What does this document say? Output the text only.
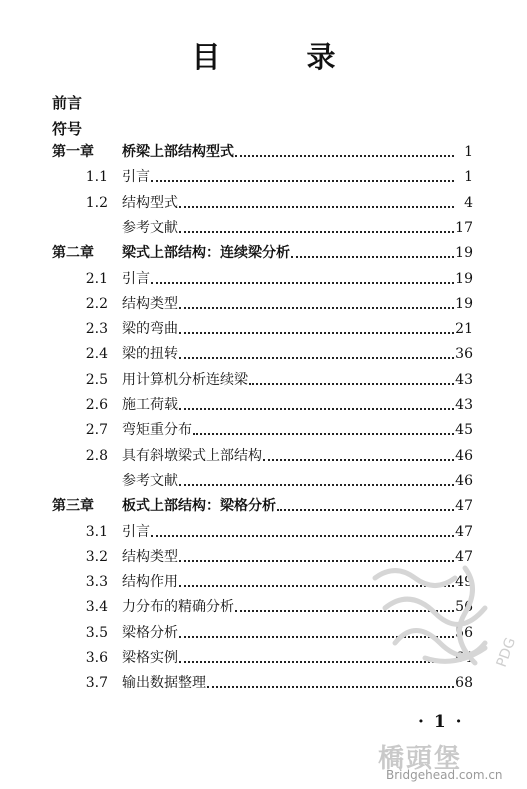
目 录
前言
符号
第一章	桥梁上部结构型式	1
1.1 引言	1
1.2 结构型式	4
参考文献	17
第二章	梁式上部结构：连续梁分析	19
2.1 引言	19
2.2 结构类型	19
2.3 梁的弯曲	21
2.4 梁的扭转	36
2.5 用计算机分析连续梁	43
2.6 施工荷载	43
2.7 弯矩重分布	45
2.8 具有斜墩梁式上部结构	46
参考文献	46
第三章	板式上部结构：梁格分析	47
3.1 引言	47
3.2 结构类型	47
3.3 结构作用	49
3.4 力分布的精确分析	56
3.5 梁格分析	56
3.6 梁格实例	64
3.7 输出数据整理	68
PDG
· 1 ·
橋頭堡
Bridgehead.com.cn
